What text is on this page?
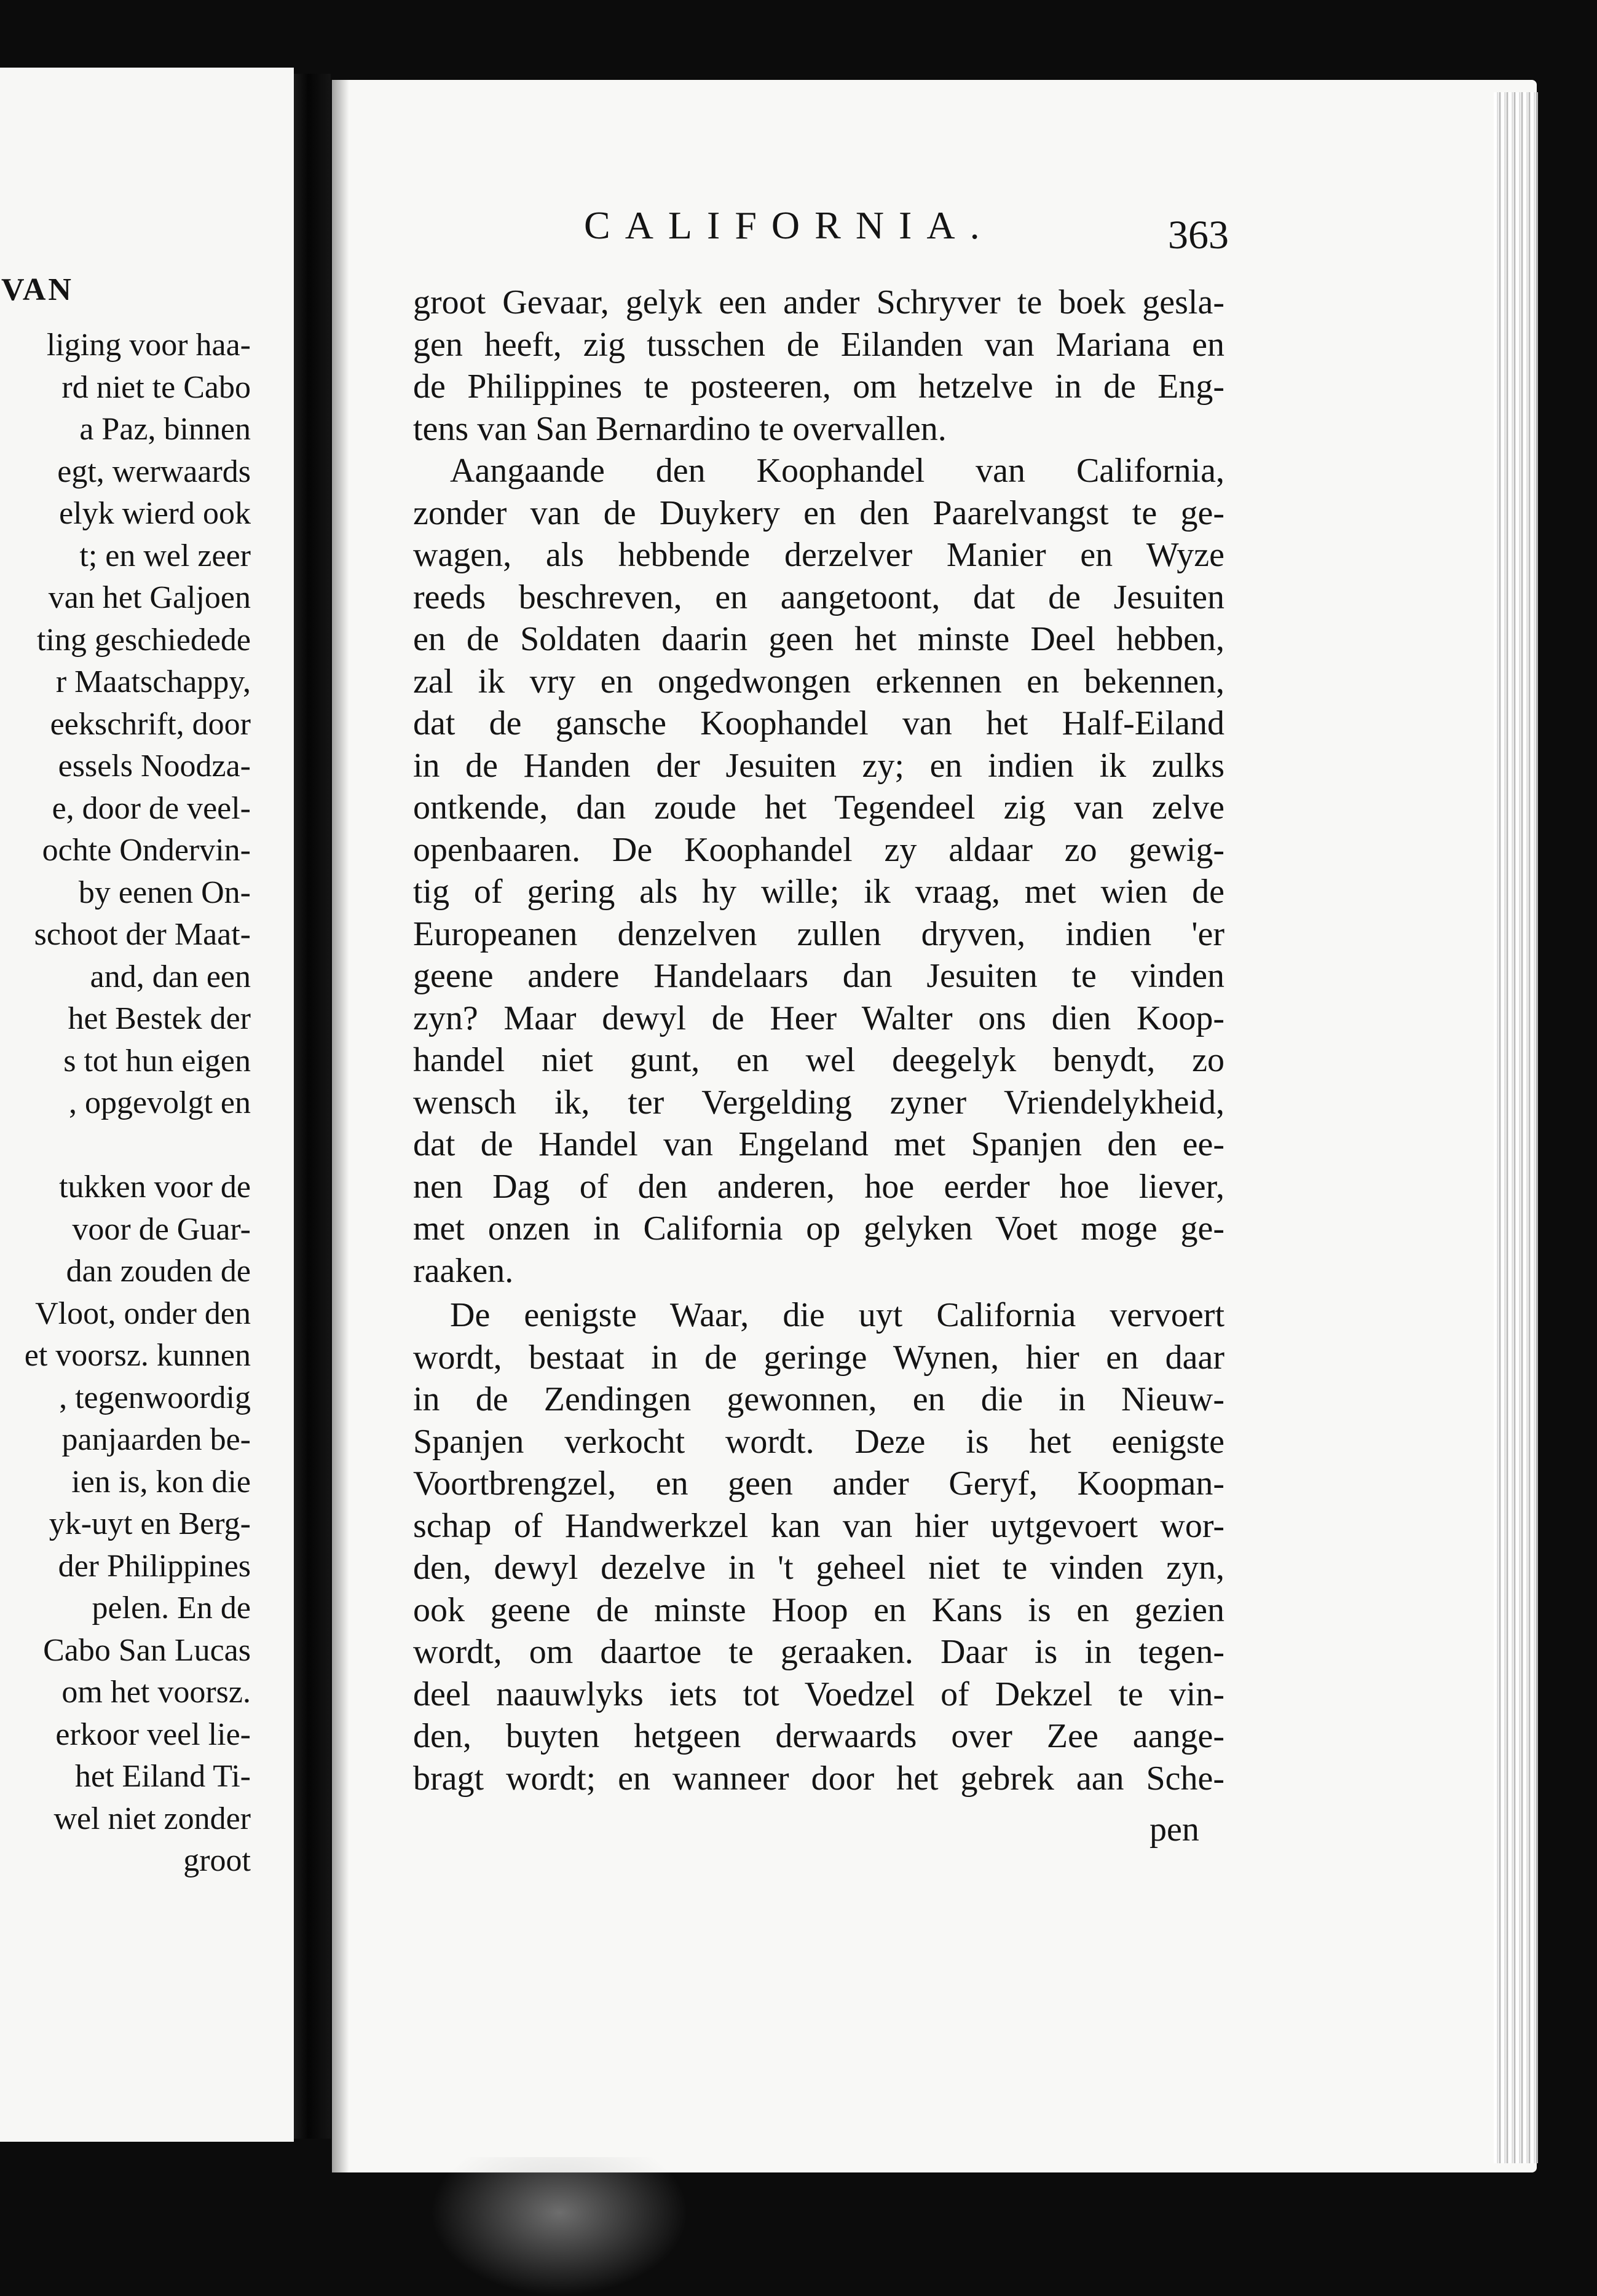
VAN
liging voor haa-
rd niet te Cabo
a Paz, binnen
egt, werwaards
elyk wierd ook
t; en wel zeer
van het Galjoen
ting geschiedede
r Maatschappy,
eekschrift, door
essels Noodza-
e, door de veel-
ochte Ondervin-
by eenen On-
schoot der Maat-
and, dan een
het Bestek der
s tot hun eigen
, opgevolgt en
tukken voor de
voor de Guar-
dan zouden de
Vloot, onder den
et voorsz. kunnen
, tegenwoordig
panjaarden be-
ien is, kon die
yk-uyt en Berg-
der Philippines
pelen. En de
Cabo San Lucas
om het voorsz.
erkoor veel lie-
het Eiland Ti-
wel niet zonder
groot
CALIFORNIA.	363
groot Gevaar, gelyk een ander Schryver te boek gesla-
gen heeft, zig tusschen de Eilanden van Mariana en
de Philippines te posteeren, om hetzelve in de Eng-
tens van San Bernardino te overvallen.
Aangaande den Koophandel van California,
zonder van de Duykery en den Paarelvangst te ge-
wagen, als hebbende derzelver Manier en Wyze
reeds beschreven, en aangetoont, dat de Jesuiten
en de Soldaten daarin geen het minste Deel hebben,
zal ik vry en ongedwongen erkennen en bekennen,
dat de gansche Koophandel van het Half-Eiland
in de Handen der Jesuiten zy; en indien ik zulks
ontkende, dan zoude het Tegendeel zig van zelve
openbaaren. De Koophandel zy aldaar zo gewig-
tig of gering als hy wille; ik vraag, met wien de
Europeanen denzelven zullen dryven, indien 'er
geene andere Handelaars dan Jesuiten te vinden
zyn? Maar dewyl de Heer Walter ons dien Koop-
handel niet gunt, en wel deegelyk benydt, zo
wensch ik, ter Vergelding zyner Vriendelykheid,
dat de Handel van Engeland met Spanjen den ee-
nen Dag of den anderen, hoe eerder hoe liever,
met onzen in California op gelyken Voet moge ge-
raaken.
De eenigste Waar, die uyt California vervoert
wordt, bestaat in de geringe Wynen, hier en daar
in de Zendingen gewonnen, en die in Nieuw-
Spanjen verkocht wordt. Deze is het eenigste
Voortbrengzel, en geen ander Geryf, Koopman-
schap of Handwerkzel kan van hier uytgevoert wor-
den, dewyl dezelve in 't geheel niet te vinden zyn,
ook geene de minste Hoop en Kans is en gezien
wordt, om daartoe te geraaken. Daar is in tegen-
deel naauwlyks iets tot Voedzel of Dekzel te vin-
den, buyten hetgeen derwaards over Zee aange-
bragt wordt; en wanneer door het gebrek aan Sche-
pen
